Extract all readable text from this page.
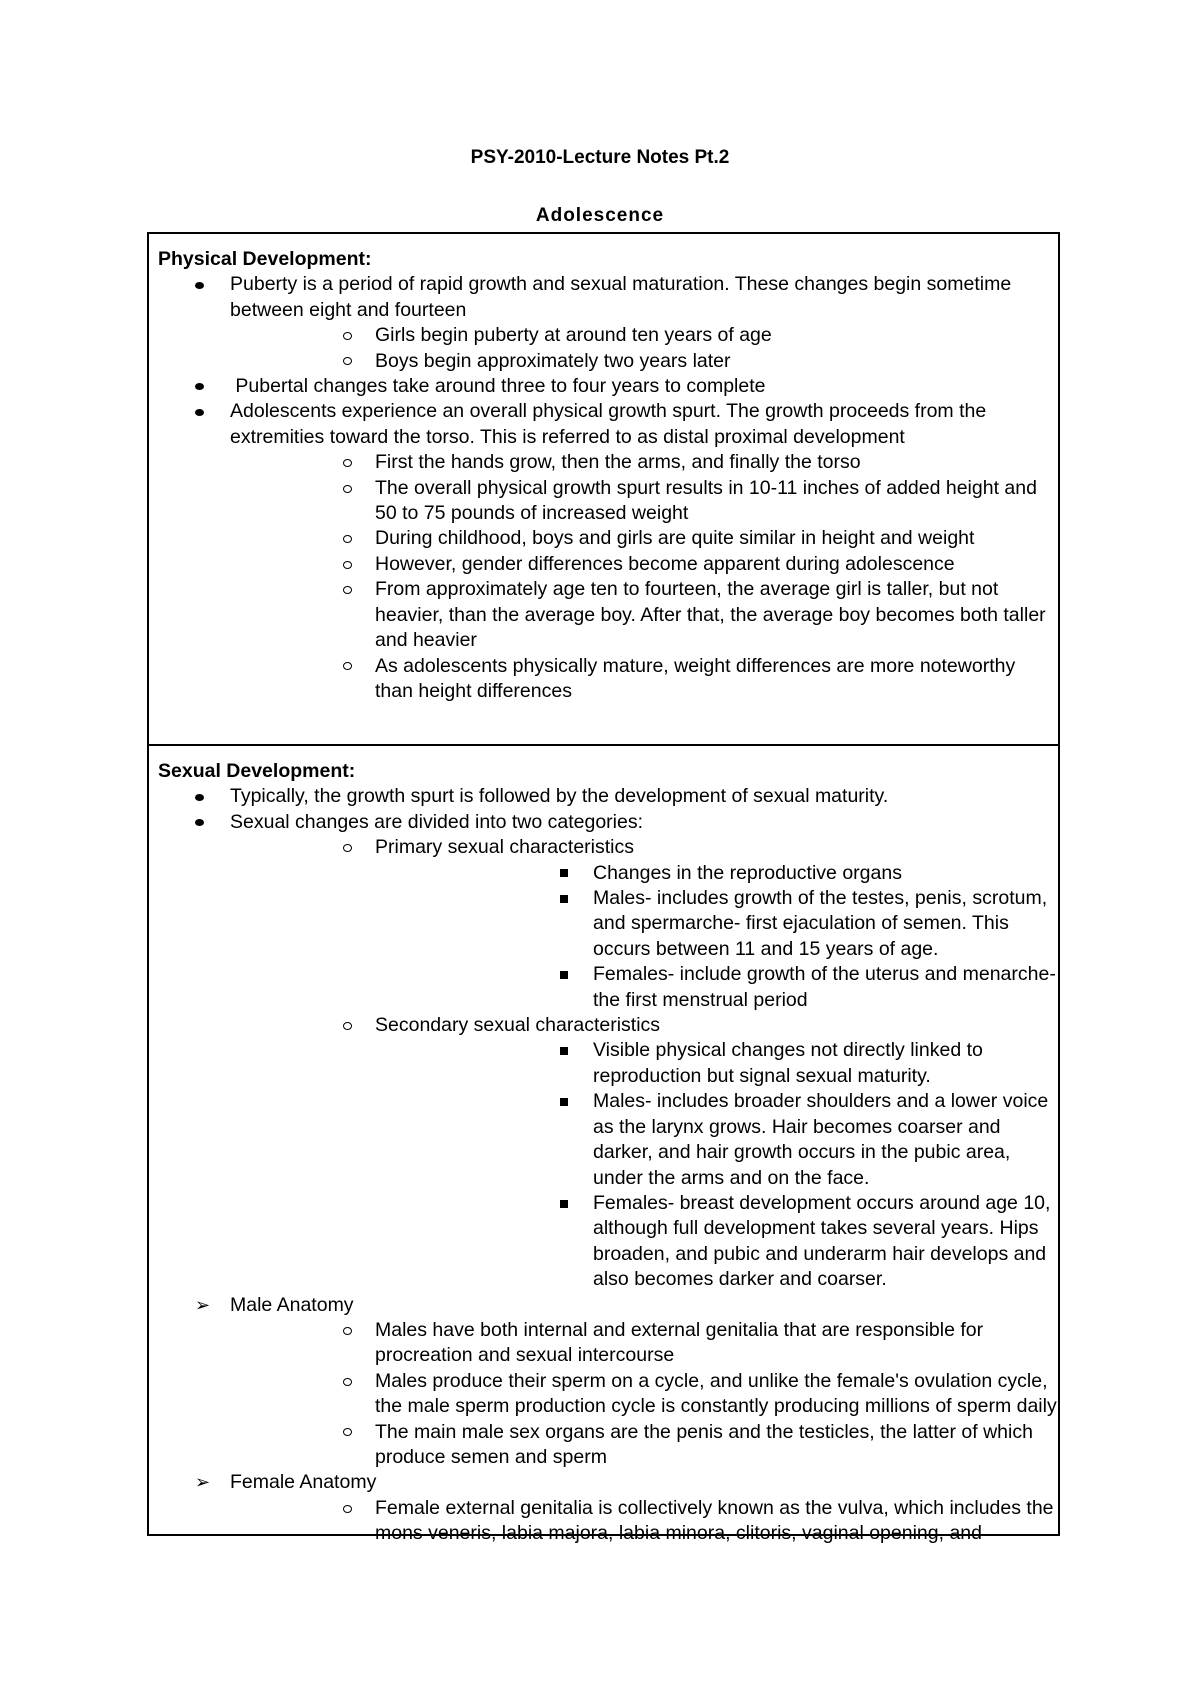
PSY-2010-Lecture Notes Pt.2
Adolescence
Physical Development:
Puberty is a period of rapid growth and sexual maturation. These changes begin sometime between eight and fourteen
Girls begin puberty at around ten years of age
Boys begin approximately two years later
Pubertal changes take around three to four years to complete
Adolescents experience an overall physical growth spurt. The growth proceeds from the extremities toward the torso. This is referred to as distal proximal development
First the hands grow, then the arms, and finally the torso
The overall physical growth spurt results in 10-11 inches of added height and 50 to 75 pounds of increased weight
During childhood, boys and girls are quite similar in height and weight
However, gender differences become apparent during adolescence
From approximately age ten to fourteen, the average girl is taller, but not heavier, than the average boy. After that, the average boy becomes both taller and heavier
As adolescents physically mature, weight differences are more noteworthy than height differences
Sexual Development:
Typically, the growth spurt is followed by the development of sexual maturity.
Sexual changes are divided into two categories:
Primary sexual characteristics
Changes in the reproductive organs
Males- includes growth of the testes, penis, scrotum, and spermarche- first ejaculation of semen. This occurs between 11 and 15 years of age.
Females- include growth of the uterus and menarche- the first menstrual period
Secondary sexual characteristics
Visible physical changes not directly linked to reproduction but signal sexual maturity.
Males- includes broader shoulders and a lower voice as the larynx grows. Hair becomes coarser and darker, and hair growth occurs in the pubic area, under the arms and on the face.
Females- breast development occurs around age 10, although full development takes several years. Hips broaden, and pubic and underarm hair develops and also becomes darker and coarser.
➢ Male Anatomy
Males have both internal and external genitalia that are responsible for procreation and sexual intercourse
Males produce their sperm on a cycle, and unlike the female's ovulation cycle, the male sperm production cycle is constantly producing millions of sperm daily
The main male sex organs are the penis and the testicles, the latter of which produce semen and sperm
➢ Female Anatomy
Female external genitalia is collectively known as the vulva, which includes the mons veneris, labia majora, labia minora, clitoris, vaginal opening, and
